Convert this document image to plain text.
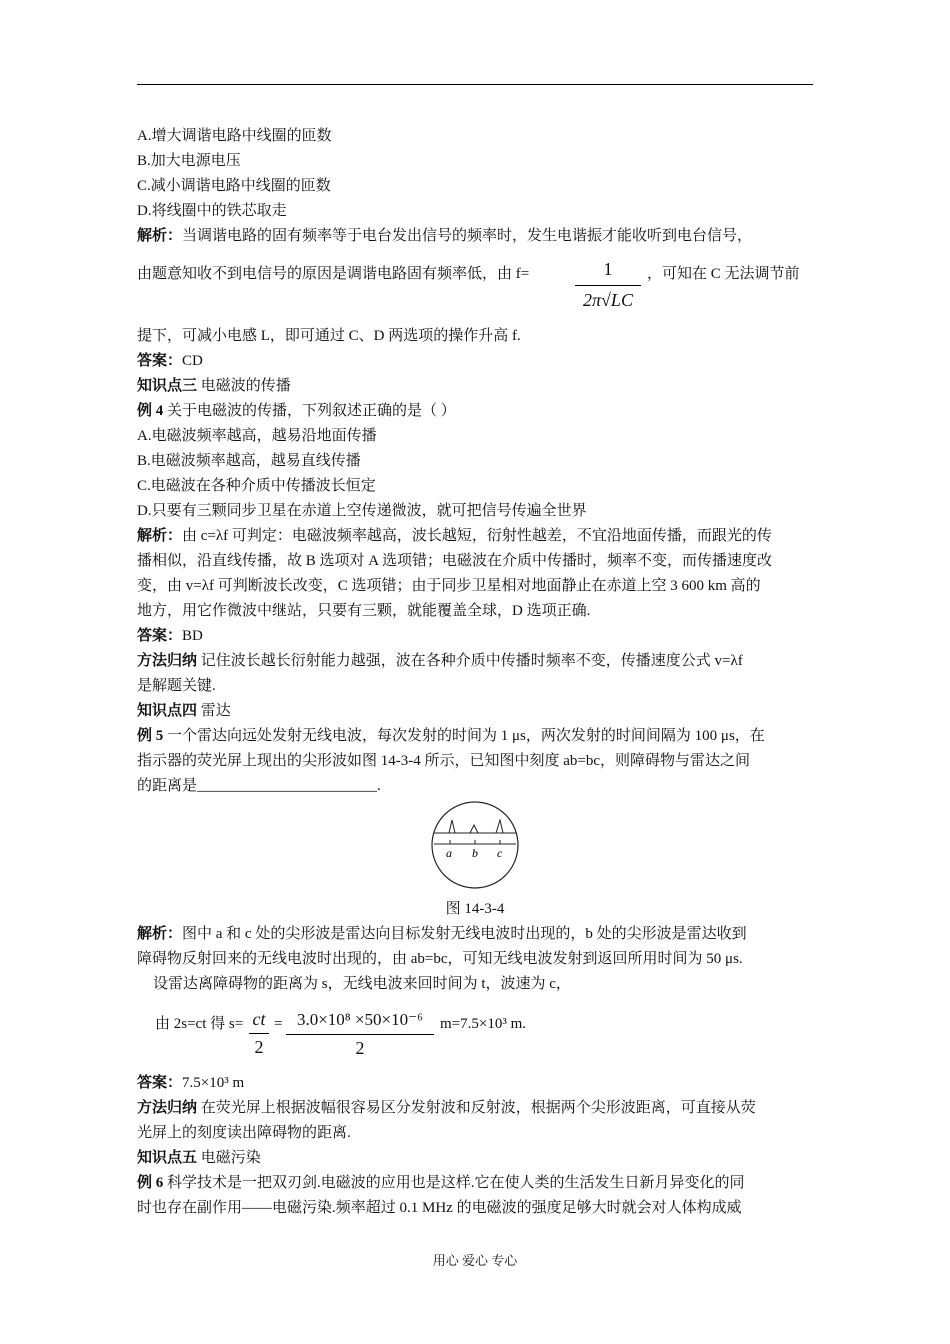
A.增大调谐电路中线圈的匝数
B.加大电源电压
C.减小调谐电路中线圈的匝数
D.将线圈中的铁芯取走
解析：当调谐电路的固有频率等于电台发出信号的频率时，发生电谐振才能收听到电台信号，
由题意知收不到电信号的原因是调谐电路固有频率低，由 f=	1
2π√LC
，可知在 C 无法调节前
提下，可减小电感 L，即可通过 C、D 两选项的操作升高 f.
答案：CD
知识点三 电磁波的传播
例 4 关于电磁波的传播，下列叙述正确的是（ ）
A.电磁波频率越高，越易沿地面传播
B.电磁波频率越高，越易直线传播
C.电磁波在各种介质中传播波长恒定
D.只要有三颗同步卫星在赤道上空传递微波，就可把信号传遍全世界
解析：由 c=λf 可判定：电磁波频率越高，波长越短，衍射性越差，不宜沿地面传播，而跟光的传
播相似，沿直线传播，故 B 选项对 A 选项错；电磁波在介质中传播时，频率不变，而传播速度改
变，由 v=λf 可判断波长改变，C 选项错；由于同步卫星相对地面静止在赤道上空 3 600 km 高的
地方，用它作微波中继站，只要有三颗，就能覆盖全球，D 选项正确.
答案：BD
方法归纳 记住波长越长衍射能力越强，波在各种介质中传播时频率不变，传播速度公式 v=λf
是解题关键.
知识点四 雷达
例 5 一个雷达向远处发射无线电波，每次发射的时间为 1 μs，两次发射的时间间隔为 100 μs，在
指示器的荧光屏上现出的尖形波如图 14-3-4 所示，已知图中刻度 ab=bc，则障碍物与雷达之间
的距离是________________________.
a b c
图 14-3-4
解析：图中 a 和 c 处的尖形波是雷达向目标发射无线电波时出现的，b 处的尖形波是雷达收到
障碍物反射回来的无线电波时出现的，由 ab=bc，可知无线电波发射到返回所用时间为 50 μs.
设雷达离障碍物的距离为 s，无线电波来回时间为 t，波速为 c，
由 2s=ct 得 s= ct
2
= 3.0×10⁸ ×50×10⁻⁶
2
m=7.5×10³ m.
答案：7.5×10³ m
方法归纳 在荧光屏上根据波幅很容易区分发射波和反射波，根据两个尖形波距离，可直接从荧
光屏上的刻度读出障碍物的距离.
知识点五 电磁污染
例 6 科学技术是一把双刃剑.电磁波的应用也是这样.它在使人类的生活发生日新月异变化的同
时也存在副作用——电磁污染.频率超过 0.1 MHz 的电磁波的强度足够大时就会对人体构成威
用心 爱心 专心
